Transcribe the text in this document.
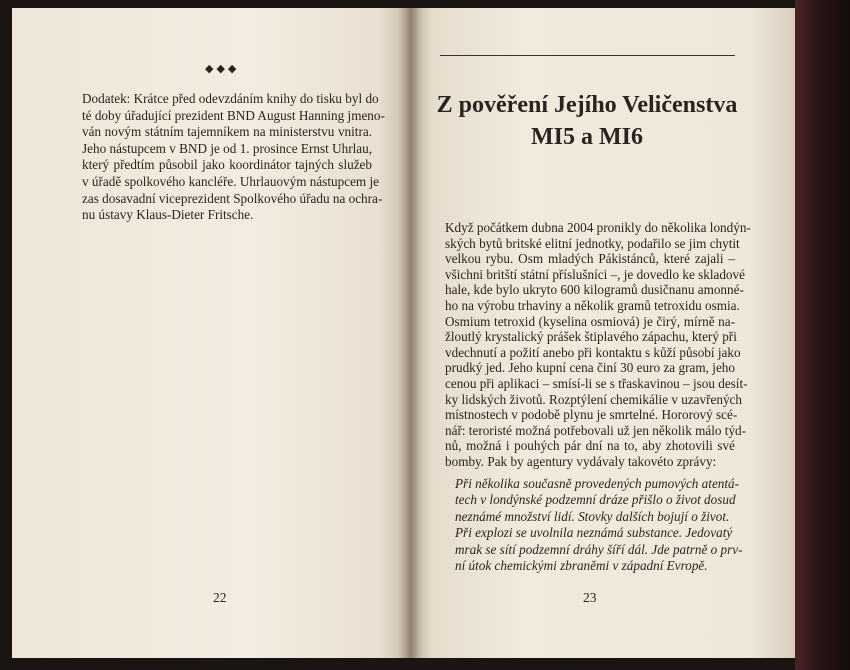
◆◆◆
Dodatek: Krátce před odevzdáním knihy do tisku byl do
té doby úřadující prezident BND August Hanning jmeno-
ván novým státním tajemníkem na ministerstvu vnitra.
Jeho nástupcem v BND je od 1. prosince Ernst Uhrlau,
který předtím působil jako koordinátor tajných služeb
v úřadě spolkového kancléře. Uhrlauovým nástupcem je
zas dosavadní viceprezident Spolkového úřadu na ochra-
nu ústavy Klaus-Dieter Fritsche.
22
Z pověření Jejího Veličenstva
MI5 a MI6
Když počátkem dubna 2004 pronikly do několika londýn-
ských bytů britské elitní jednotky, podařilo se jim chytit
velkou rybu. Osm mladých Pákistánců, které zajali –
všichni britští státní příslušníci –, je dovedlo ke skladové
hale, kde bylo ukryto 600 kilogramů dusičnanu amonné-
ho na výrobu trhaviny a několik gramů tetroxidu osmia.
Osmium tetroxid (kyselina osmiová) je čirý, mírně na-
žloutlý krystalický prášek štiplavého zápachu, který při
vdechnutí a požití anebo při kontaktu s kůží působí jako
prudký jed. Jeho kupní cena činí 30 euro za gram, jeho
cenou při aplikaci – smísí-li se s třaskavinou – jsou desít-
ky lidských životů. Rozptýlení chemikálie v uzavřených
místnostech v podobě plynu je smrtelné. Hororový scé-
nář: teroristé možná potřebovali už jen několik málo týd-
nů, možná i pouhých pár dní na to, aby zhotovili své
bomby. Pak by agentury vydávaly takovéto zprávy:
Při několika současně provedených pumových atentá-
tech v londýnské podzemní dráze přišlo o život dosud
neznámé množství lidí. Stovky dalších bojují o život.
Při explozi se uvolnila neznámá substance. Jedovatý
mrak se sítí podzemní dráhy šíří dál. Jde patrně o prv-
ní útok chemickými zbraněmi v západní Evropě.
23
